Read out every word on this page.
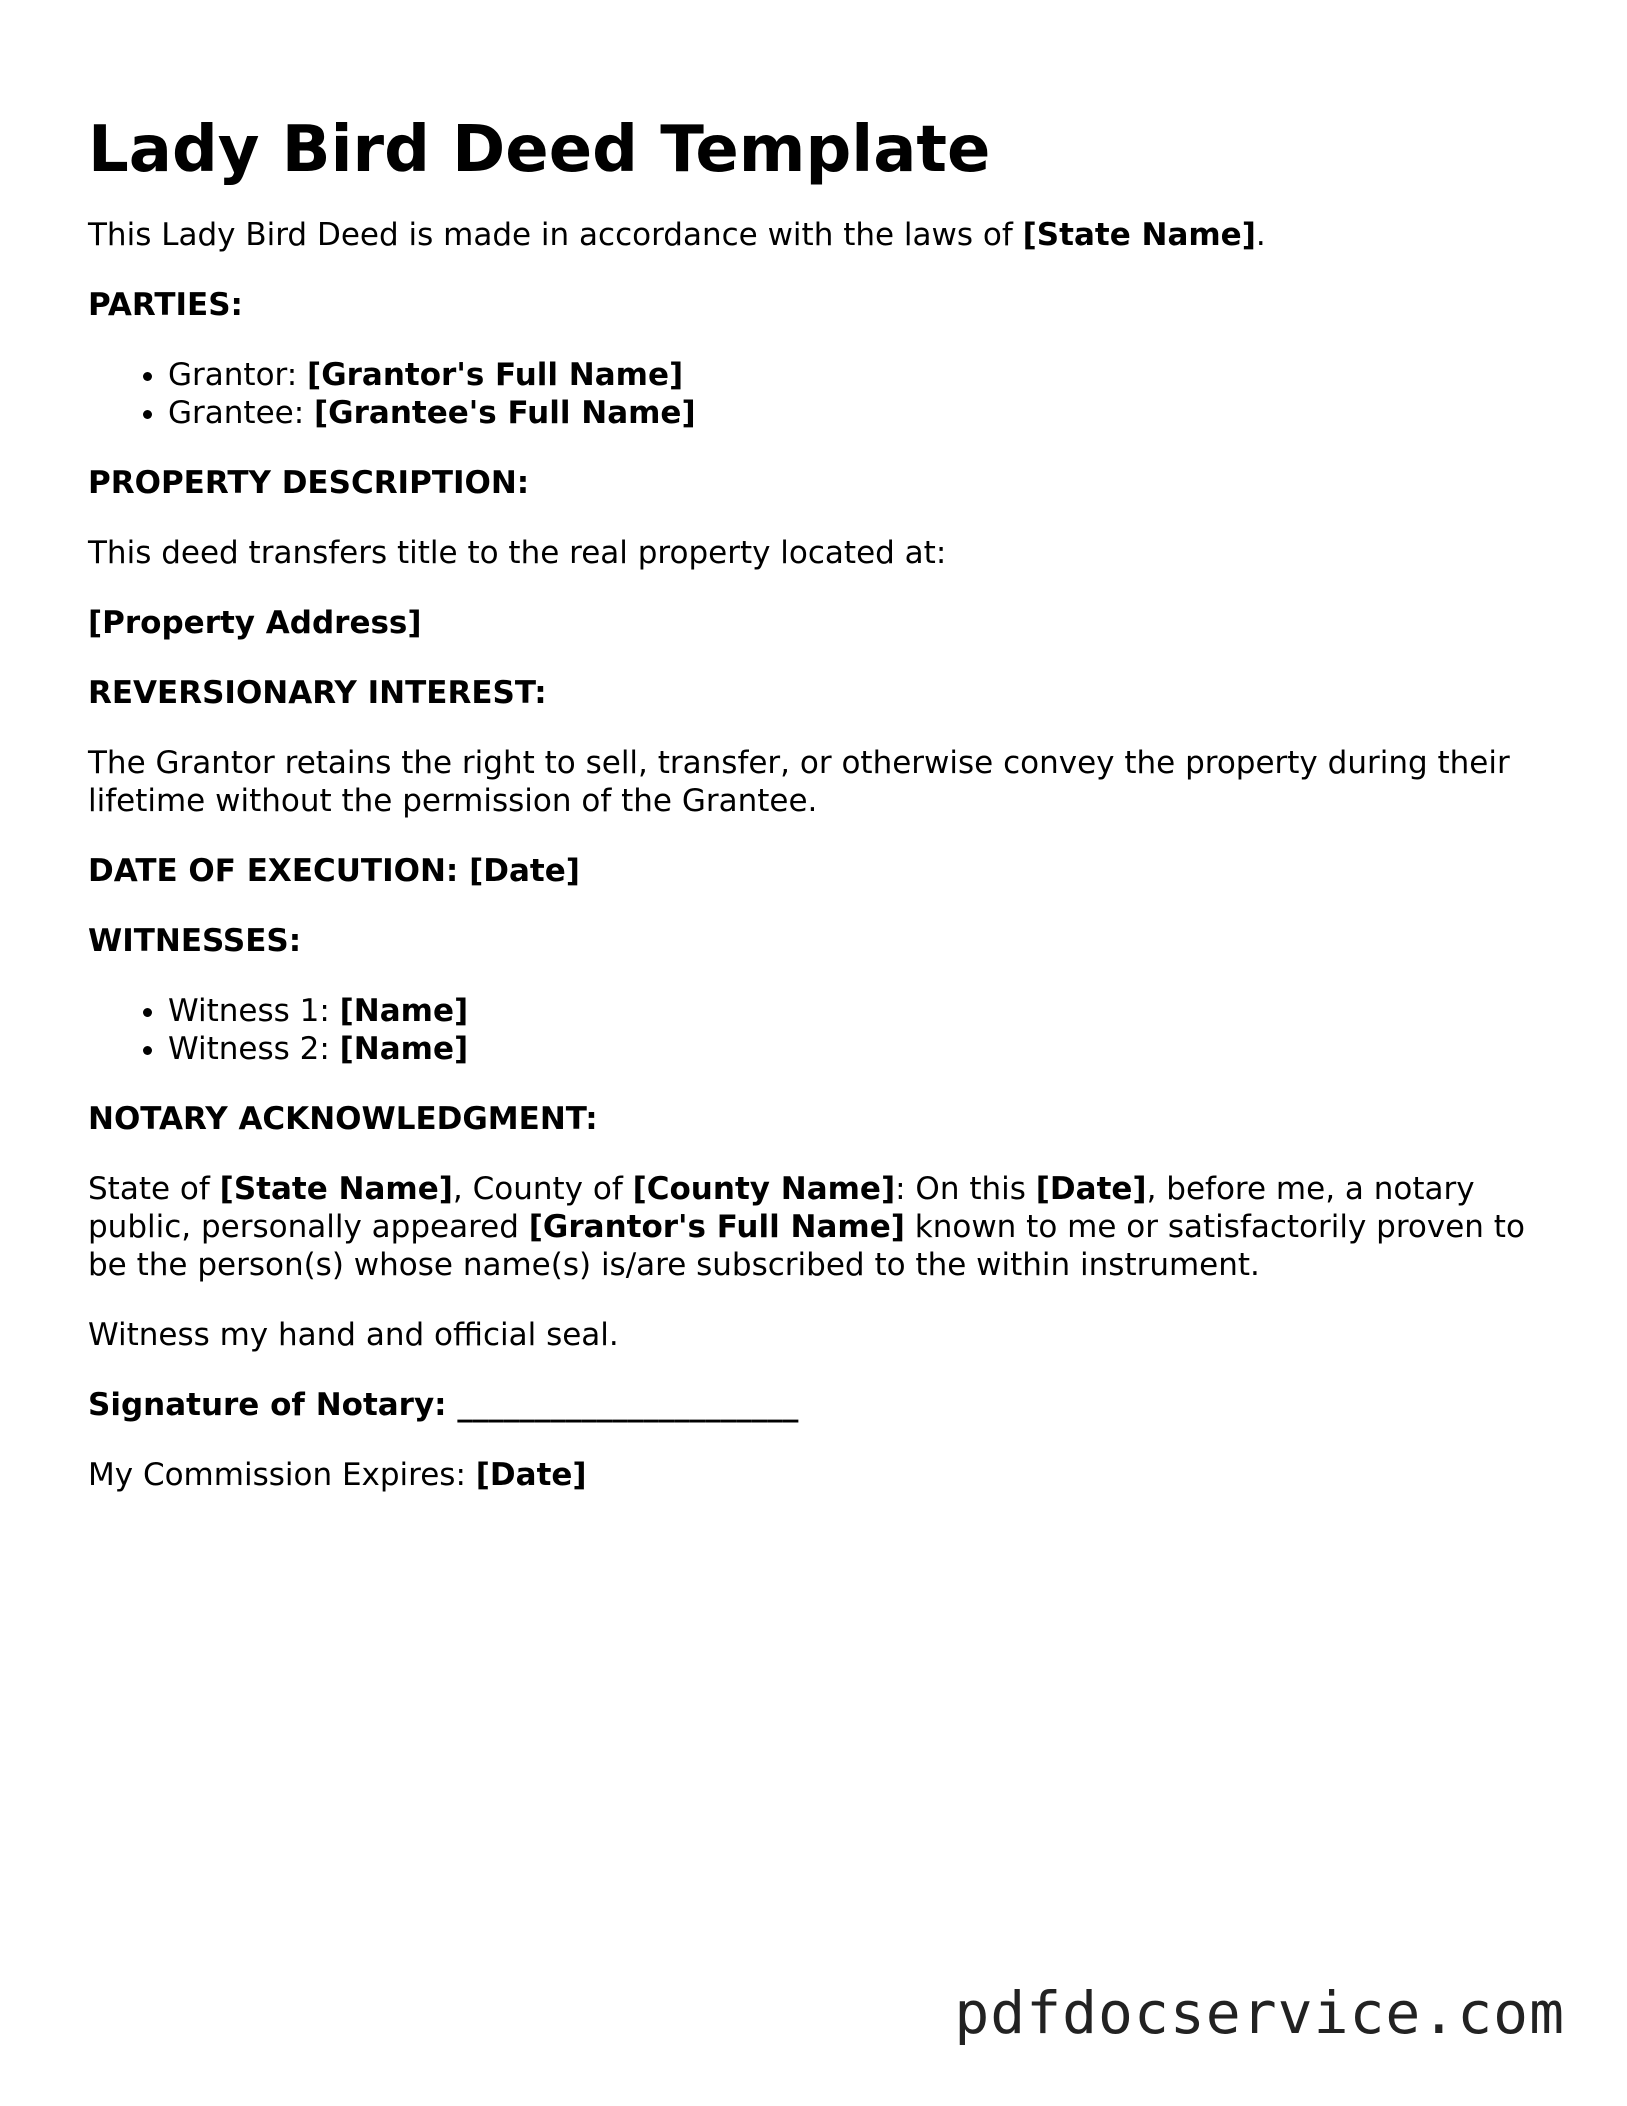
Lady Bird Deed Template

This Lady Bird Deed is made in accordance with the laws of [State Name].

PARTIES:

• Grantor: [Grantor's Full Name]
• Grantee: [Grantee's Full Name]

PROPERTY DESCRIPTION:

This deed transfers title to the real property located at:

[Property Address]

REVERSIONARY INTEREST:

The Grantor retains the right to sell, transfer, or otherwise convey the property during their lifetime without the permission of the Grantee.

DATE OF EXECUTION: [Date]

WITNESSES:

• Witness 1: [Name]
• Witness 2: [Name]

NOTARY ACKNOWLEDGMENT:

State of [State Name], County of [County Name]: On this [Date], before me, a notary public, personally appeared [Grantor's Full Name] known to me or satisfactorily proven to be the person(s) whose name(s) is/are subscribed to the within instrument.

Witness my hand and official seal.

Signature of Notary: ______________________

My Commission Expires: [Date]

pdfdocservice.com
